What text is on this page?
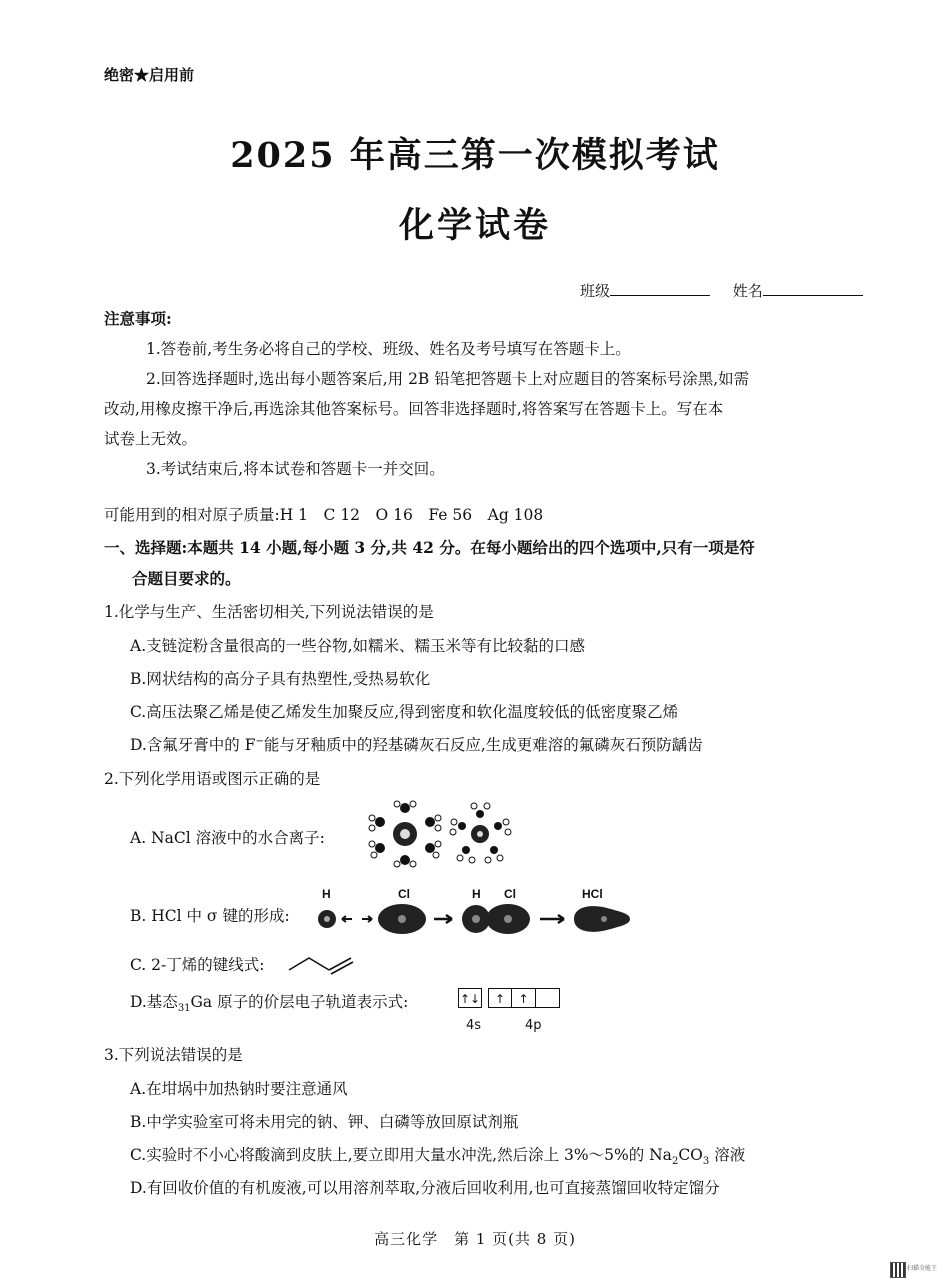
绝密★启用前
2025 年高三第一次模拟考试
化学试卷
班级	姓名
注意事项:
1.答卷前,考生务必将自己的学校、班级、姓名及考号填写在答题卡上。
2.回答选择题时,选出每小题答案后,用 2B 铅笔把答题卡上对应题目的答案标号涂黑,如需
改动,用橡皮擦干净后,再选涂其他答案标号。回答非选择题时,将答案写在答题卡上。写在本
试卷上无效。
3.考试结束后,将本试卷和答题卡一并交回。
可能用到的相对原子质量:H 1　C 12　O 16　Fe 56　Ag 108
一、选择题:本题共 14 小题,每小题 3 分,共 42 分。在每小题给出的四个选项中,只有一项是符
合题目要求的。
1.化学与生产、生活密切相关,下列说法错误的是
A.支链淀粉含量很高的一些谷物,如糯米、糯玉米等有比较黏的口感
B.网状结构的高分子具有热塑性,受热易软化
C.高压法聚乙烯是使乙烯发生加聚反应,得到密度和软化温度较低的低密度聚乙烯
D.含氟牙膏中的 F−能与牙釉质中的羟基磷灰石反应,生成更难溶的氟磷灰石预防龋齿
2.下列化学用语或图示正确的是
A. NaCl 溶液中的水合离子:
B. HCl 中 σ 键的形成:
H	Cl	H Cl	HCl
C. 2-丁烯的键线式:
D.基态$_{31}$Ga 原子的价层电子轨道表示式:	↑↓	↑	↑
4s	4p
3.下列说法错误的是
A.在坩埚中加热钠时要注意通风
B.中学实验室可将未用完的钠、钾、白磷等放回原试剂瓶
C.实验时不小心将酸滴到皮肤上,要立即用大量水冲洗,然后涂上 3%～5%的 $Na_2CO_3$ 溶液
D.有回收价值的有机废液,可以用溶剂萃取,分液后回收利用,也可直接蒸馏回收特定馏分
高三化学　第 1 页(共 8 页)
扫描全能王
